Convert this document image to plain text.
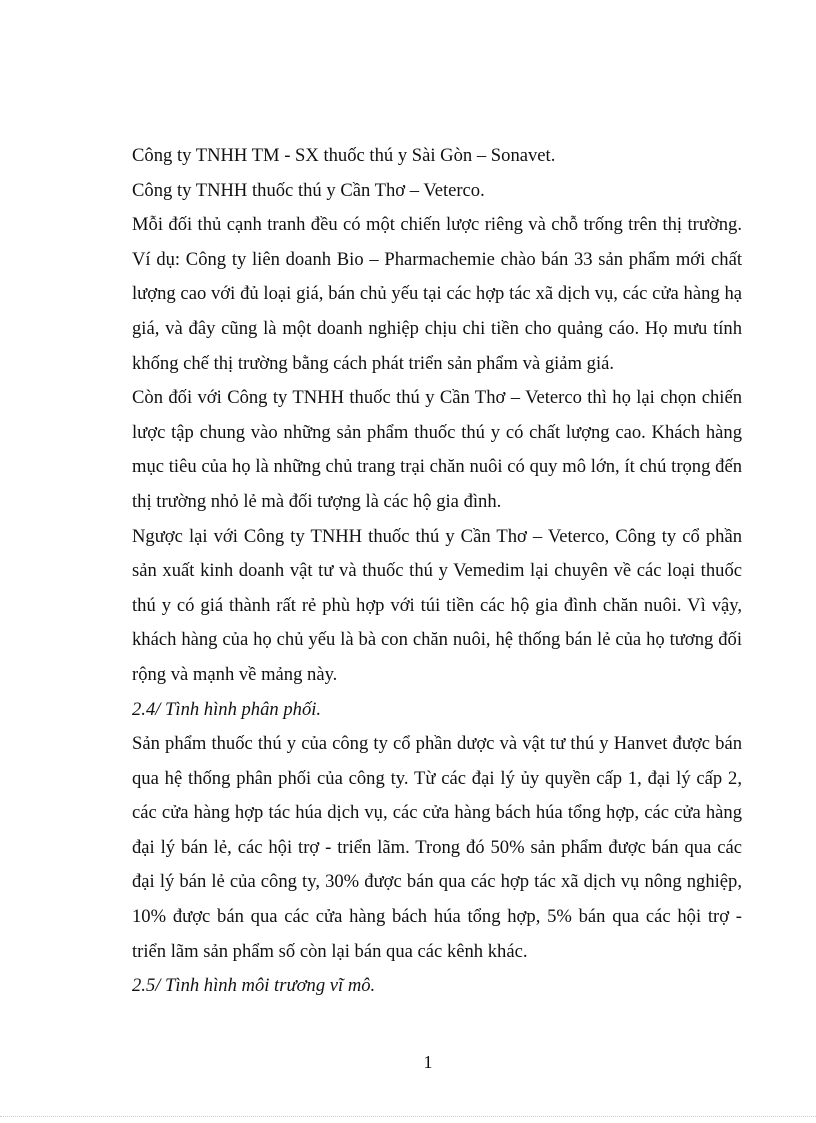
Công ty TNHH TM - SX thuốc thú y Sài Gòn – Sonavet.

Công ty TNHH thuốc thú y Cần Thơ – Veterco.

Mỗi đối thủ cạnh tranh đều có một chiến lược riêng và chỗ trống trên thị trường. Ví dụ: Công ty liên doanh Bio – Pharmachemie chào bán 33 sản phẩm mới chất lượng cao với đủ loại giá, bán chủ yếu tại các hợp tác xã dịch vụ, các cửa hàng hạ giá, và đây cũng là một doanh nghiệp chịu chi tiền cho quảng cáo. Họ mưu tính khống chế thị trường bằng cách phát triển sản phẩm và giảm giá.

Còn đối với Công ty TNHH thuốc thú y Cần Thơ – Veterco thì họ lại chọn chiến lược tập chung vào những sản phẩm thuốc thú y có chất lượng cao. Khách hàng mục tiêu của họ là những chủ trang trại chăn nuôi có quy mô lớn, ít chú trọng đến thị trường nhỏ lẻ mà đối tượng là các hộ gia đình.

Ngược lại với Công ty TNHH thuốc thú y Cần Thơ – Veterco, Công ty cổ phần sản xuất kinh doanh vật tư và thuốc thú y Vemedim lại chuyên về các loại thuốc thú y có giá thành rất rẻ phù hợp với túi tiền các hộ gia đình chăn nuôi. Vì vậy, khách hàng của họ chủ yếu là bà con chăn nuôi, hệ thống bán lẻ của họ tương đối rộng và mạnh về mảng này.

2.4/ Tình hình phân phối.

Sản phẩm thuốc thú y của công ty cổ phần dược và vật tư thú y Hanvet được bán qua hệ thống phân phối của công ty. Từ các đại lý ủy quyền cấp 1, đại lý cấp 2, các cửa hàng hợp tác húa dịch vụ, các cửa hàng bách húa tổng hợp, các cửa hàng đại lý bán lẻ, các hội trợ - triển lãm. Trong đó 50% sản phẩm được bán qua các đại lý bán lẻ của công ty, 30% được bán qua các hợp tác xã dịch vụ nông nghiệp, 10% được bán qua các cửa hàng bách húa tổng hợp, 5% bán qua các hội trợ - triển lãm sản phẩm số còn lại bán qua các kênh khác.

2.5/ Tình hình môi trương vĩ mô.

1
